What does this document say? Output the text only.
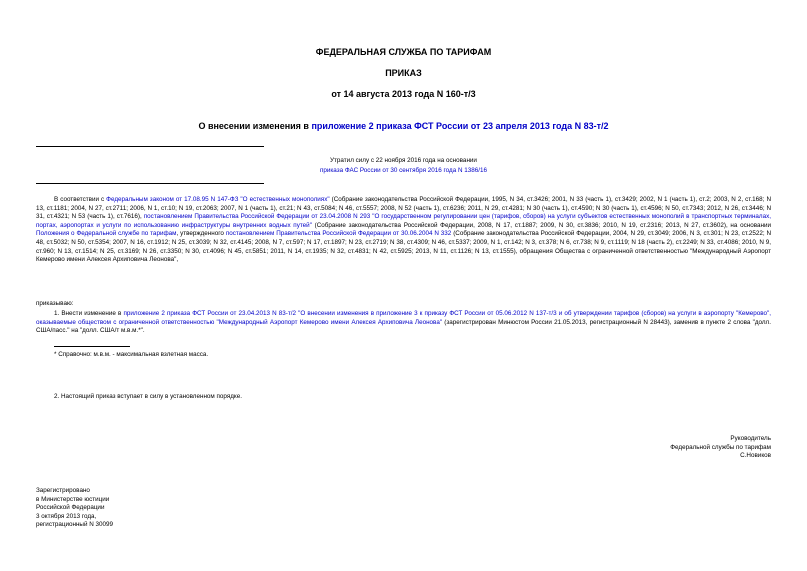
ФЕДЕРАЛЬНАЯ СЛУЖБА ПО ТАРИФАМ
ПРИКАЗ
от 14 августа 2013 года N 160-т/3
О внесении изменения в приложение 2 приказа ФСТ России от 23 апреля 2013 года N 83-т/2
Утратил силу с 22 ноября 2016 года на основании
приказа ФАС России от 30 сентября 2016 года N 1386/16
В соответствии с Федеральным законом от 17.08.95 N 147-ФЗ "О естественных монополиях" (Собрание законодательства Российской Федерации, 1995, N 34, ст.3426; 2001, N 33 (часть 1), ст.3429; 2002, N 1 (часть 1), ст.2; 2003, N 2, ст.168; N 13, ст.1181; 2004, N 27, ст.2711; 2006, N 1, ст.10; N 19, ст.2063; 2007, N 1 (часть 1), ст.21; N 43, ст.5084; N 46, ст.5557; 2008, N 52 (часть 1), ст.6236; 2011, N 29, ст.4281; N 30 (часть 1), ст.4590; N 30 (часть 1), ст.4596; N 50, ст.7343; 2012, N 26, ст.3446; N 31, ст.4321; N 53 (часть 1), ст.7616), постановлением Правительства Российской Федерации от 23.04.2008 N 293 "О государственном регулировании цен (тарифов, сборов) на услуги субъектов естественных монополий в транспортных терминалах, портах, аэропортах и услуги по использованию инфраструктуры внутренних водных путей" (Собрание законодательства Российской Федерации, 2008, N 17, ст.1887; 2009, N 30, ст.3836; 2010, N 19, ст.2316; 2013, N 27, ст.3602), на основании Положения о Федеральной службе по тарифам, утвержденного постановлением Правительства Российской Федерации от 30.06.2004 N 332 (Собрание законодательства Российской Федерации, 2004, N 29, ст.3049; 2006, N 3, ст.301; N 23, ст.2522; N 48, ст.5032; N 50, ст.5354; 2007, N 16, ст.1912; N 25, ст.3039; N 32, ст.4145; 2008, N 7, ст.597; N 17, ст.1897; N 23, ст.2719; N 38, ст.4309; N 46, ст.5337; 2009, N 1, ст.142; N 3, ст.378; N 6, ст.738; N 9, ст.1119; N 18 (часть 2), ст.2249; N 33, ст.4086; 2010, N 9, ст.960; N 13, ст.1514; N 25, ст.3169; N 26, ст.3350; N 30, ст.4096; N 45, ст.5851; 2011, N 14, ст.1935; N 32, ст.4831; N 42, ст.5925; 2013, N 11, ст.1126; N 13, ст.1555), обращения Общества с ограниченной ответственностью "Международный Аэропорт Кемерово имени Алексея Архиповича Леонова",
приказываю:
1. Внести изменение в приложение 2 приказа ФСТ России от 23.04.2013 N 83-т/2 "О внесении изменения в приложение 3 к приказу ФСТ России от 05.06.2012 N 137-т/3 и об утверждении тарифов (сборов) на услуги в аэропорту "Кемерово", оказываемые обществом с ограниченной ответственностью "Международный Аэропорт Кемерово имени Алексея Архиповича Леонова" (зарегистрирован Минюстом России 21.05.2013, регистрационный N 28443), заменив в пункте 2 слова "долл. США/пасс." на "долл. США/т м.в.м.*".
* Справочно: м.в.м. - максимальная взлетная масса.
2. Настоящий приказ вступает в силу в установленном порядке.
Руководитель
Федеральной службы по тарифам
С.Новиков
Зарегистрировано
в Министерстве юстиции
Российской Федерации
3 октября 2013 года,
регистрационный N 30099
